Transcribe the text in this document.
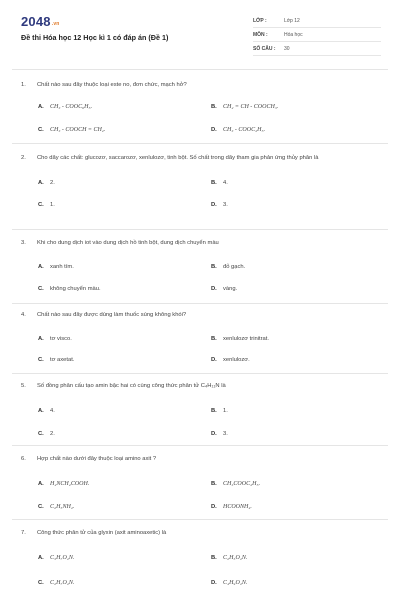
2048.vn
Đề thi Hóa học 12 Học kì 1 có đáp án (Đề 1)
LỚP :	Lớp 12
MÔN :	Hóa học
SỐ CÂU : 30
1. Chất nào sau đây thuộc loại este no, đơn chức, mạch hở?
A. CH₃ - COOC₆H₅.	B. CH₂ = CH - COOCH₃.
C. CH₃ - COOCH = CH₂.	D. CH₃ - COOC₂H₅.
2. Cho dãy các chất: glucozơ, saccarozơ, xenlulozơ, tinh bột. Số chất trong dãy tham gia phản ứng thủy phân là
A. 2.	B. 4.
C. 1.	D. 3.
3. Khi cho dung dịch iot vào dung dịch hồ tinh bột, dung dịch chuyển màu
A. xanh tím.	B. đỏ gạch.
C. không chuyển màu.	D. vàng.
4. Chất nào sau đây được dùng làm thuốc súng không khói?
A. tơ visco.	B. xenlulozơ trinitrat.
C. tơ axetat.	D. xenlulozơ.
5. Số đồng phân cấu tạo amin bậc hai có cùng công thức phân tử C₄H₁₁N là
A. 4.	B. 1.
C. 2.	D. 3.
6. Hợp chất nào dưới đây thuộc loại amino axit ?
A. H₂NCH₂COOH.	B. CH₃COOC₂H₅.
C. C₂H₅NH₂.	D. HCOONH₄.
7. Công thức phân tử của glyxin (axit aminoaxetic) là
A. C₃H₇O₂N.	B. C₂H₅O₂N.
C. C₂H₇O₂N.	D. C₄H₉O₂N.
